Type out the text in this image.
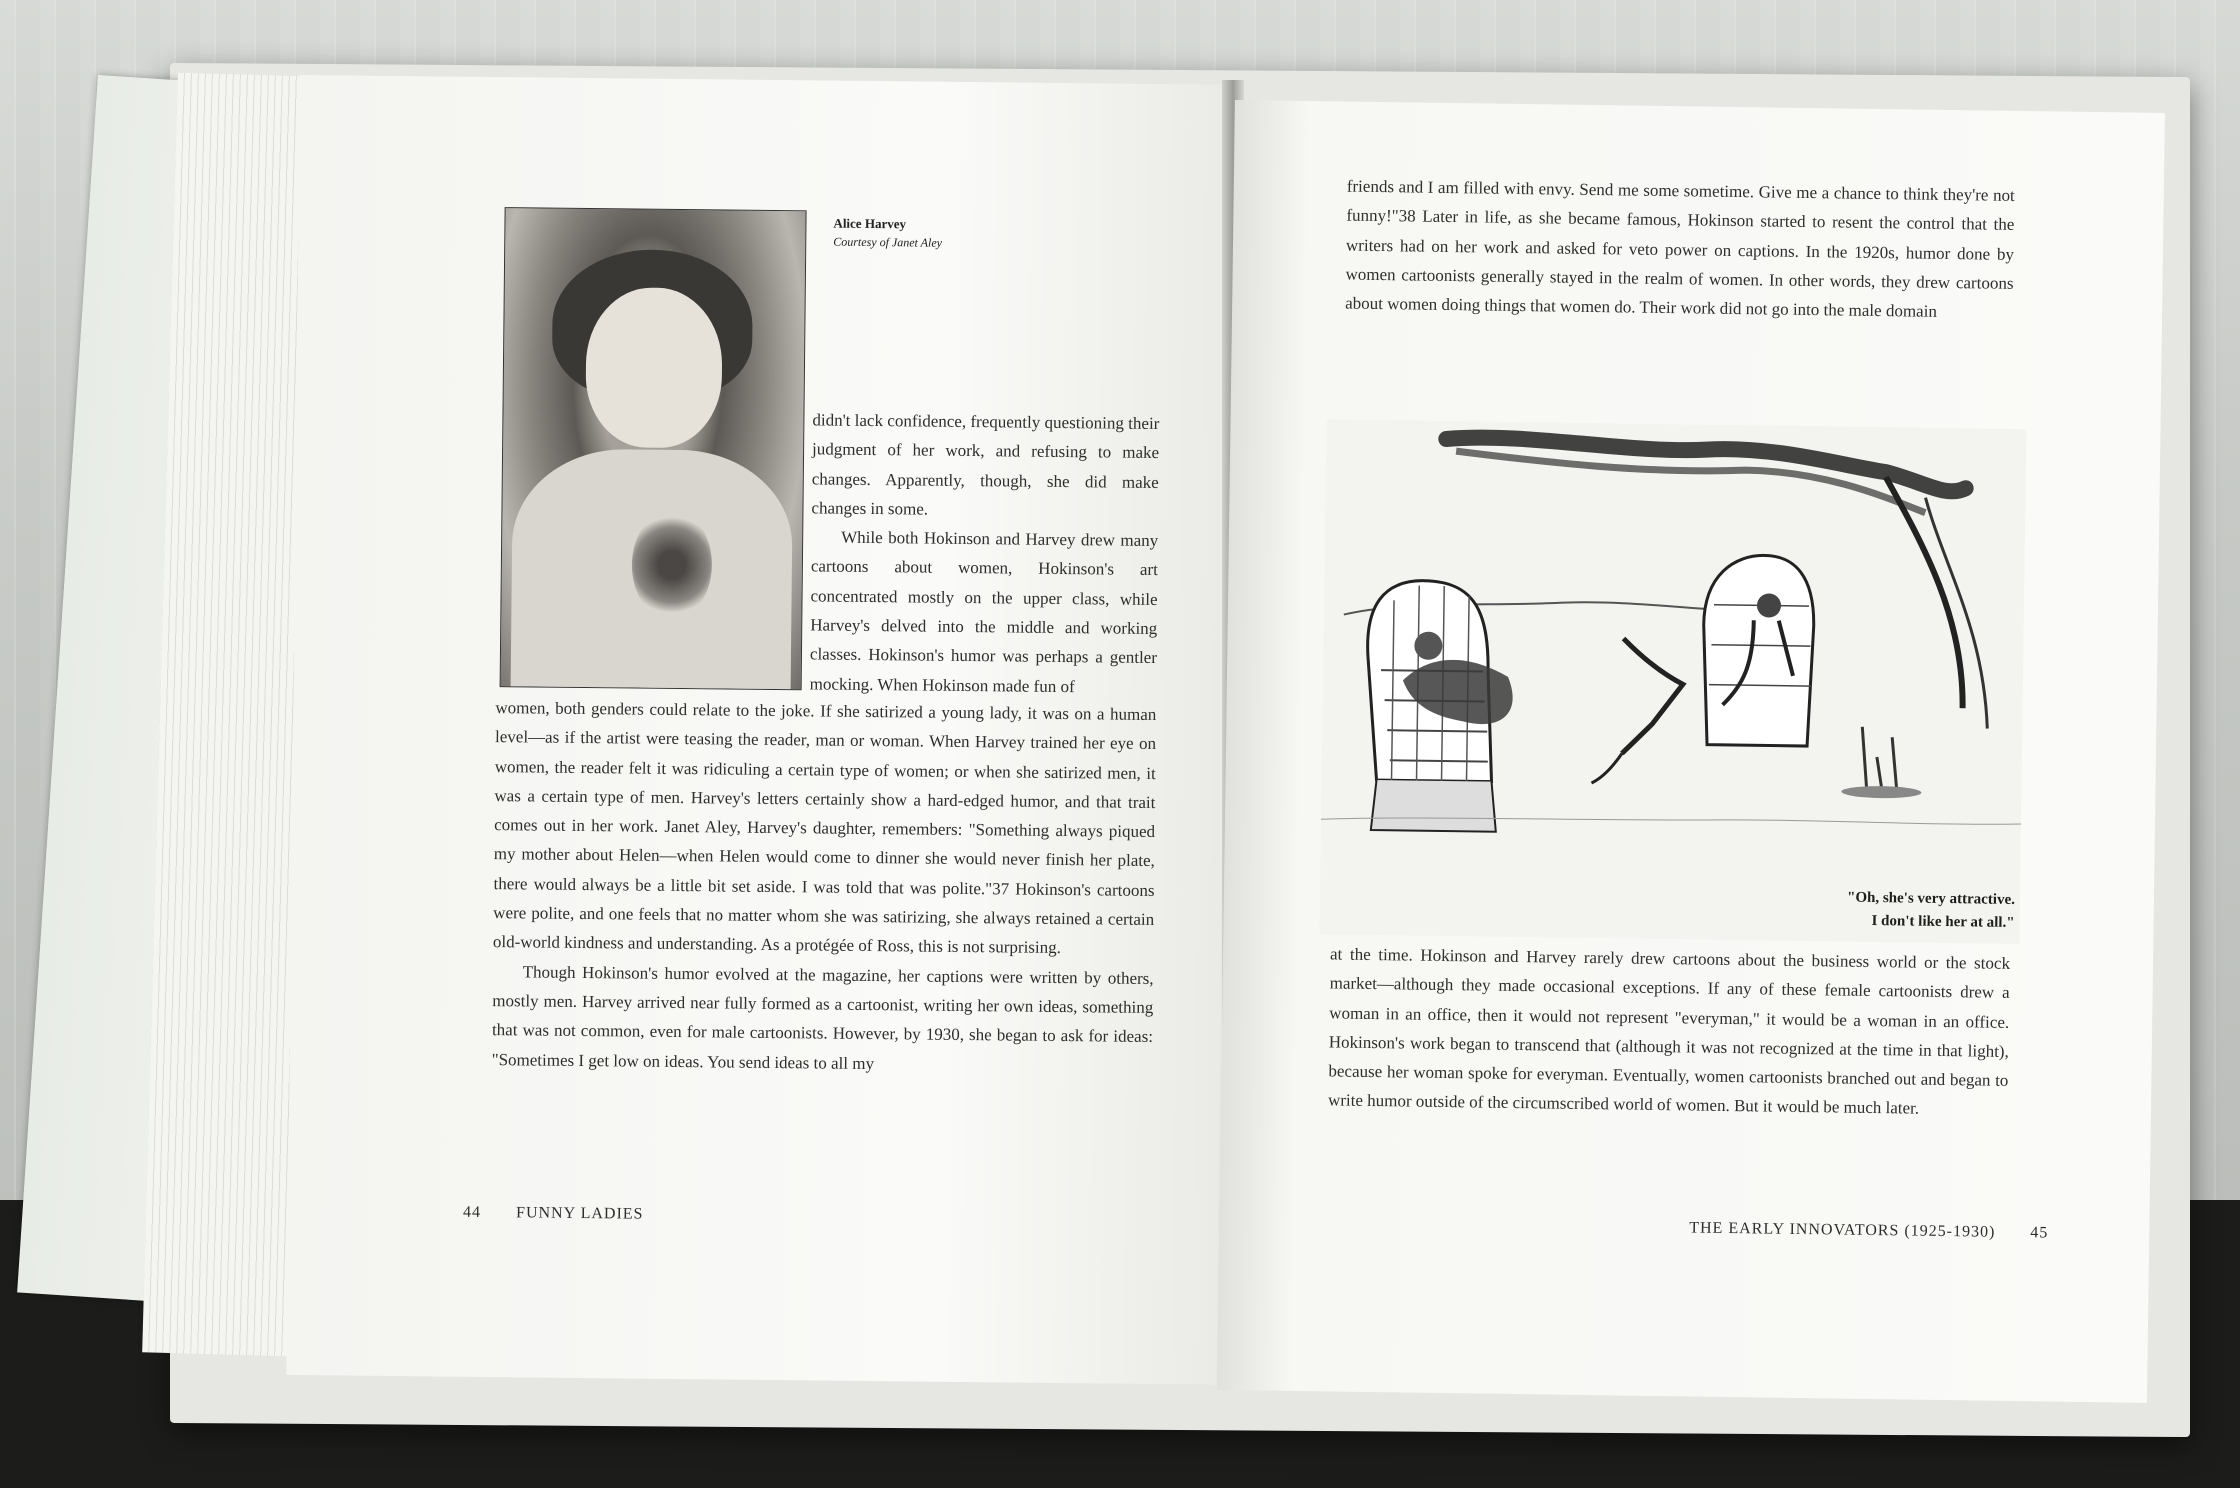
Alice Harvey
Courtesy of Janet Aley

didn't lack confidence, frequently questioning their judgment of her work, and refusing to make changes. Apparently, though, she did make changes in some.

While both Hokinson and Harvey drew many cartoons about women, Hokinson's art concentrated mostly on the upper class, while Harvey's delved into the middle and working classes. Hokinson's humor was perhaps a gentler mocking. When Hokinson made fun of

women, both genders could relate to the joke. If she satirized a young lady, it was on a human level—as if the artist were teasing the reader, man or woman. When Harvey trained her eye on women, the reader felt it was ridiculing a certain type of women; or when she satirized men, it was a certain type of men. Harvey's letters certainly show a hard-edged humor, and that trait comes out in her work. Janet Aley, Harvey's daughter, remembers: "Something always piqued my mother about Helen—when Helen would come to dinner she would never finish her plate, there would always be a little bit set aside. I was told that was polite."37 Hokinson's cartoons were polite, and one feels that no matter whom she was satirizing, she always retained a certain old-world kindness and understanding. As a protégée of Ross, this is not surprising.

Though Hokinson's humor evolved at the magazine, her captions were written by others, mostly men. Harvey arrived near fully formed as a cartoonist, writing her own ideas, something that was not common, even for male cartoonists. However, by 1930, she began to ask for ideas: "Sometimes I get low on ideas. You send ideas to all my

44 FUNNY LADIES

friends and I am filled with envy. Send me some sometime. Give me a chance to think they're not funny!"38 Later in life, as she became famous, Hokinson started to resent the control that the writers had on her work and asked for veto power on captions. In the 1920s, humor done by women cartoonists generally stayed in the realm of women. In other words, they drew cartoons about women doing things that women do. Their work did not go into the male domain

"Oh, she's very attractive.
I don't like her at all."

at the time. Hokinson and Harvey rarely drew cartoons about the business world or the stock market—although they made occasional exceptions. If any of these female cartoonists drew a woman in an office, then it would not represent "everyman," it would be a woman in an office. Hokinson's work began to transcend that (although it was not recognized at the time in that light), because her woman spoke for everyman. Eventually, women cartoonists branched out and began to write humor outside of the circumscribed world of women. But it would be much later.

THE EARLY INNOVATORS (1925-1930) 45
